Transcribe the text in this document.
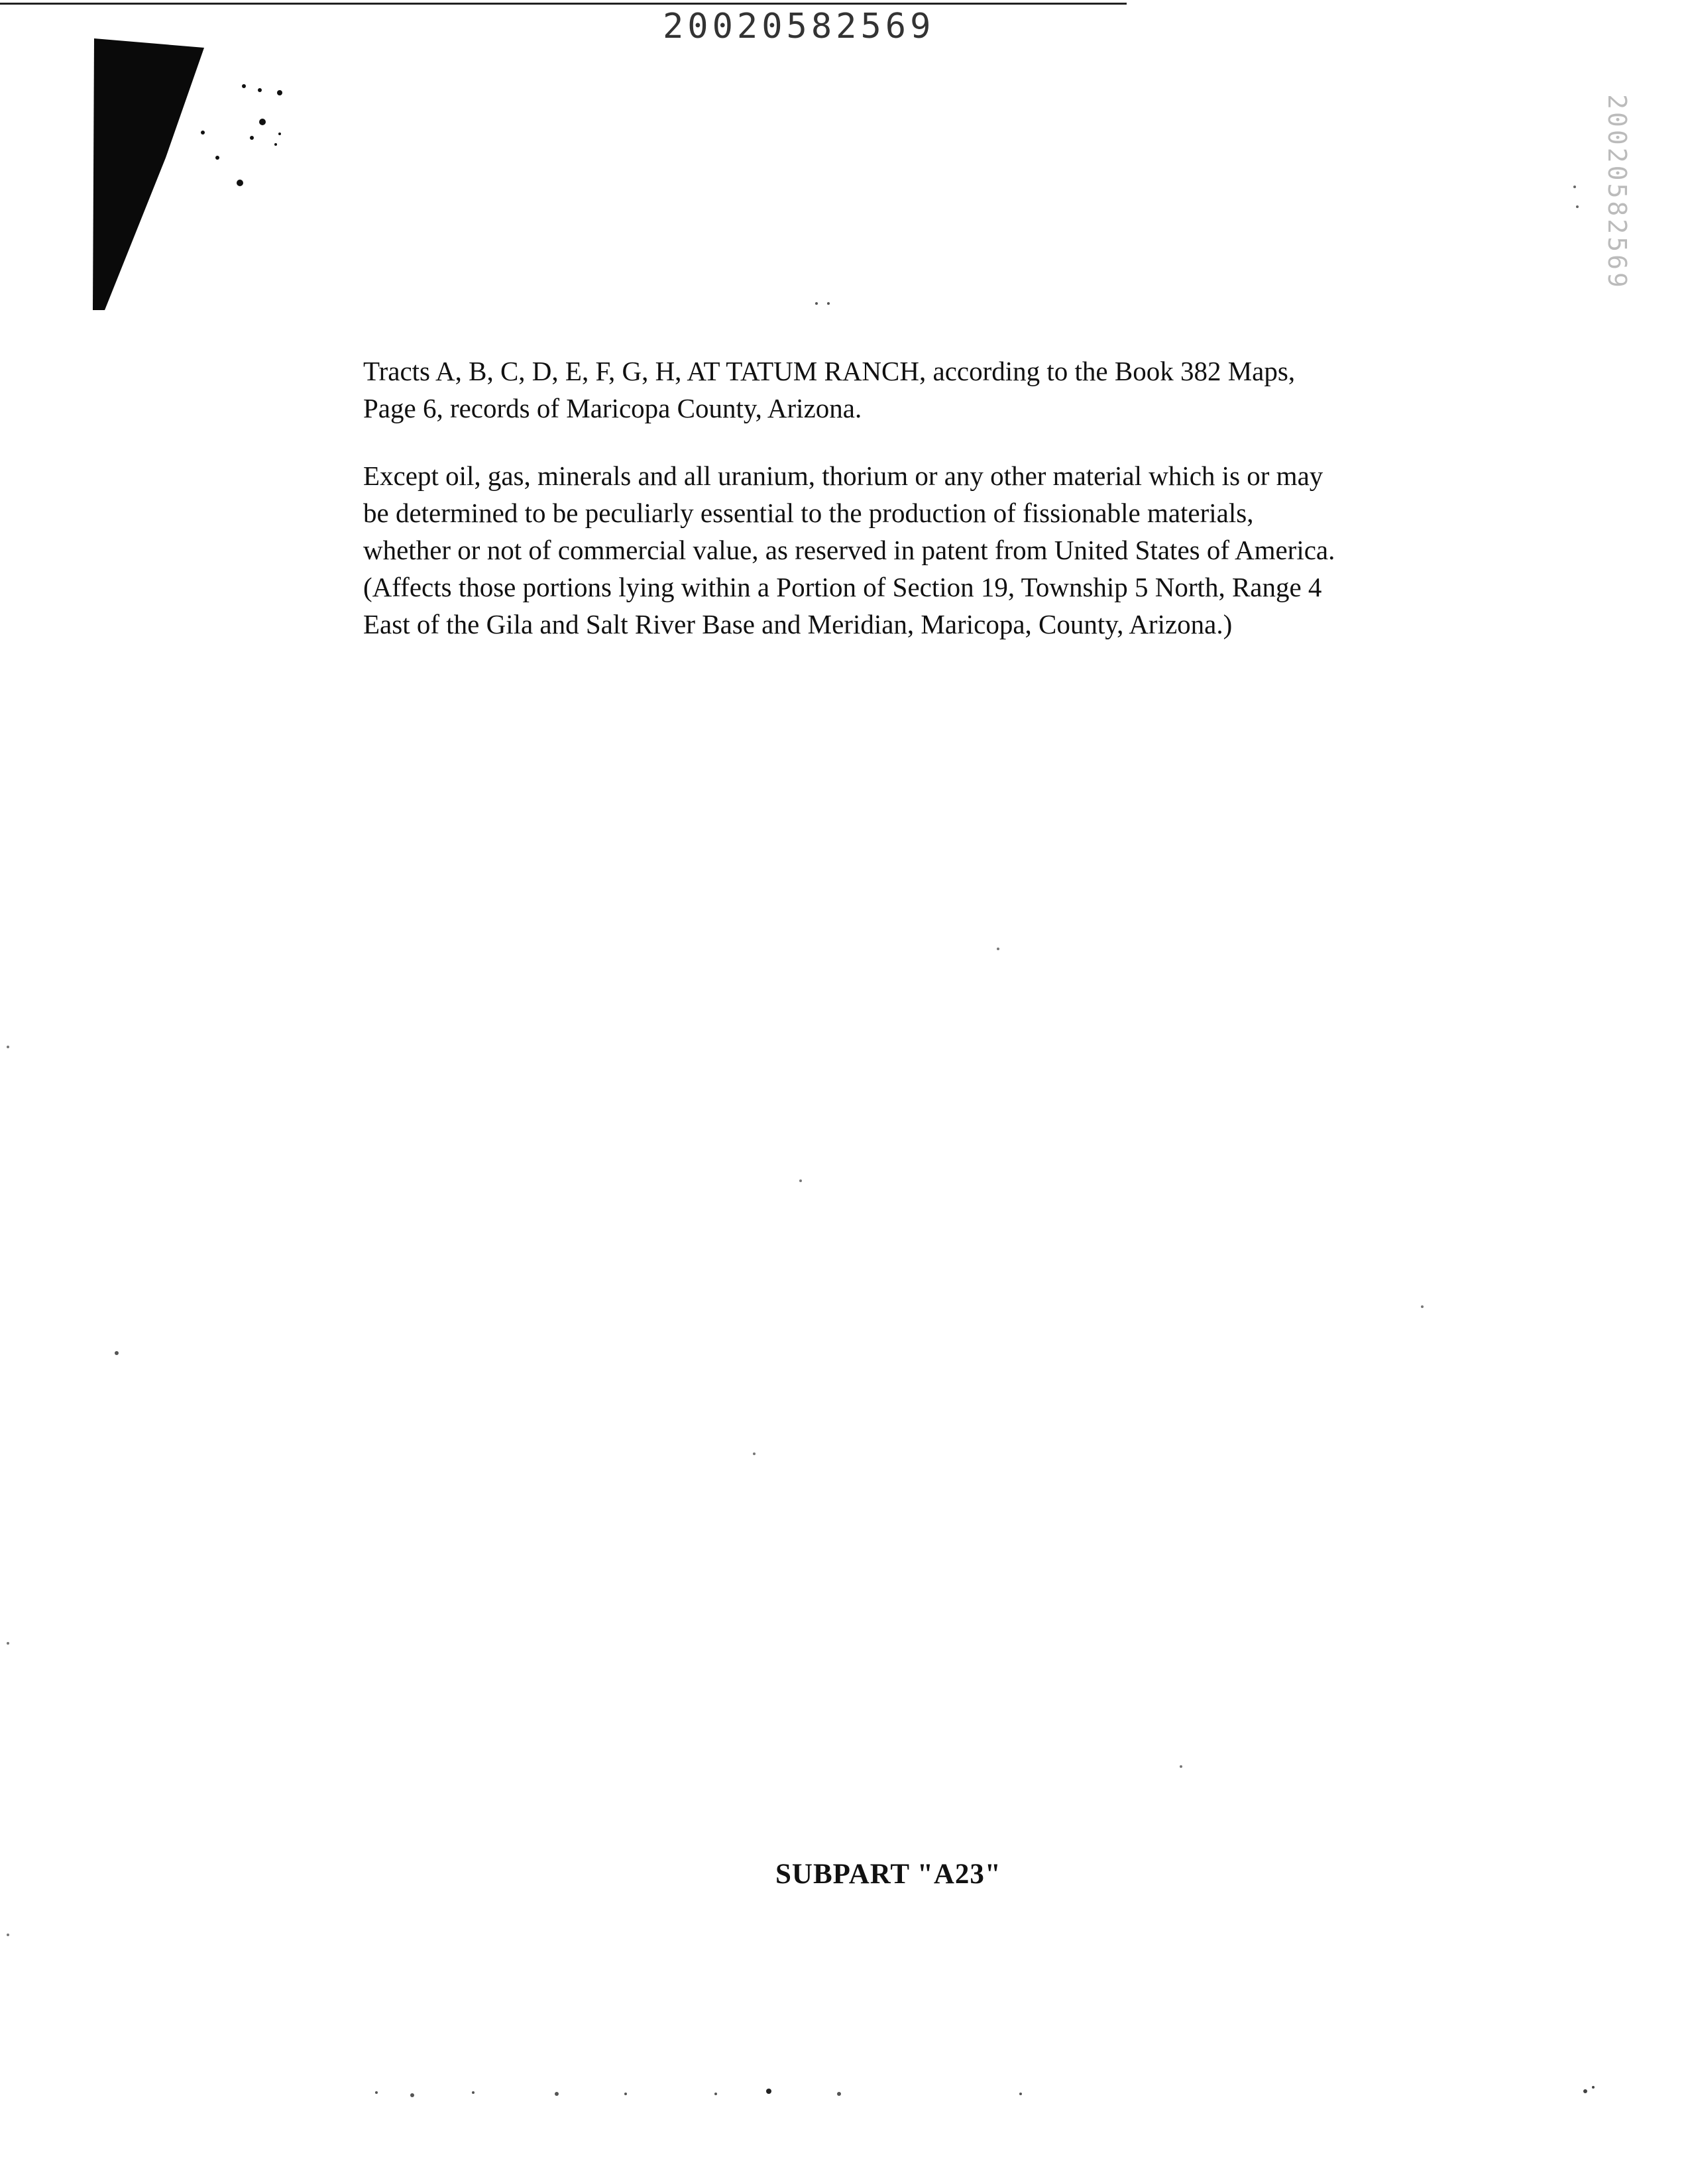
20020582569
20020582569

Tracts A, B, C, D, E, F, G, H, AT TATUM RANCH, according to the Book 382 Maps,
Page 6, records of Maricopa County, Arizona.

Except oil, gas, minerals and all uranium, thorium or any other material which is or may
be determined to be peculiarly essential to the production of fissionable materials,
whether or not of commercial value, as reserved in patent from United States of America.
(Affects those portions lying within a Portion of Section 19, Township 5 North, Range 4
East of the Gila and Salt River Base and Meridian, Maricopa, County, Arizona.)

SUBPART "A23"
